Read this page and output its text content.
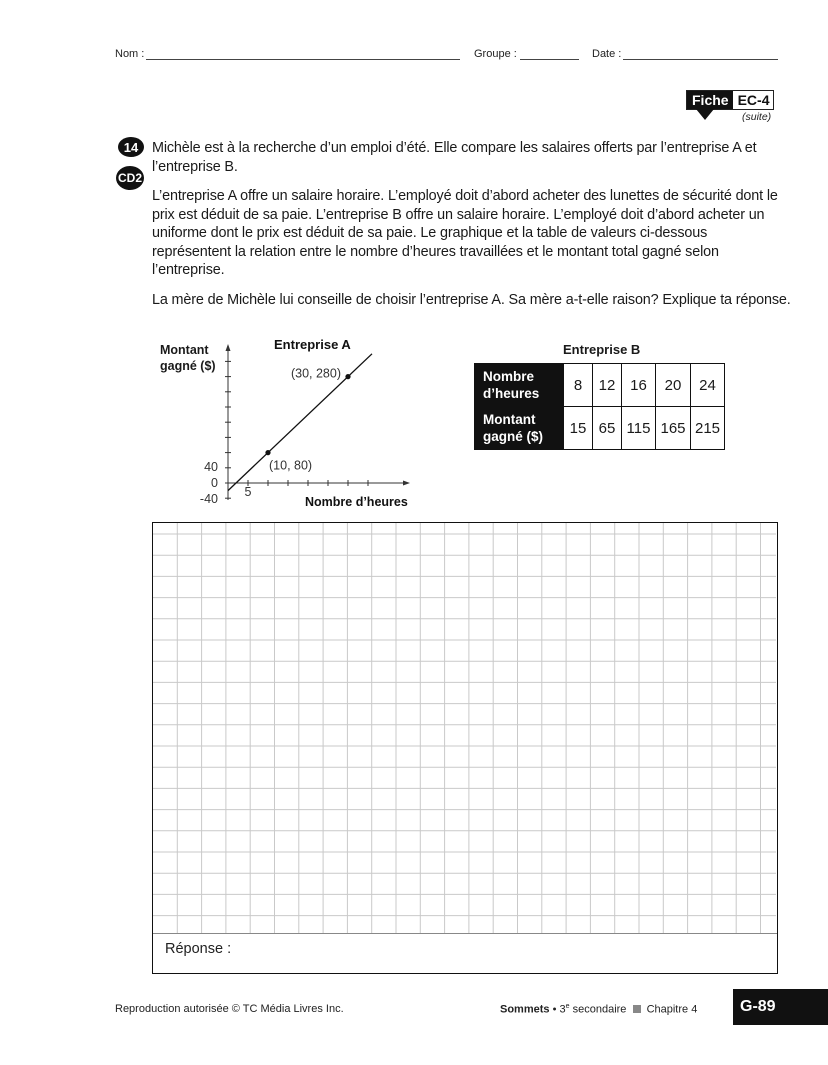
Nom :	Groupe :	Date :
Fiche EC-4
(suite)
14
CD2
Michèle est à la recherche d’un emploi d’été. Elle compare les salaires offerts par l’entreprise A et l’entreprise B.
L’entreprise A offre un salaire horaire. L’employé doit d’abord acheter des lunettes de sécurité dont le prix est déduit de sa paie. L’entreprise B offre un salaire horaire. L’employé doit d’abord acheter un uniforme dont le prix est déduit de sa paie. Le graphique et la table de valeurs ci-dessous représentent la relation entre le nombre d’heures travaillées et le montant total gagné selon l’entreprise.
La mère de Michèle lui conseille de choisir l’entreprise A. Sa mère a-t-elle raison? Explique ta réponse.
Montant
gagné ($)
Entreprise A
40
0
-40 5
(10, 80)
(30, 280)
Nombre d’heures
Entreprise B
Nombre
d’heures	8	12	16	20	24

Montant
gagné ($)	15	65	115	165	215
Réponse :
Reproduction autorisée © TC Média Livres Inc.	Sommets • 3e secondaire Chapitre 4	G-89
